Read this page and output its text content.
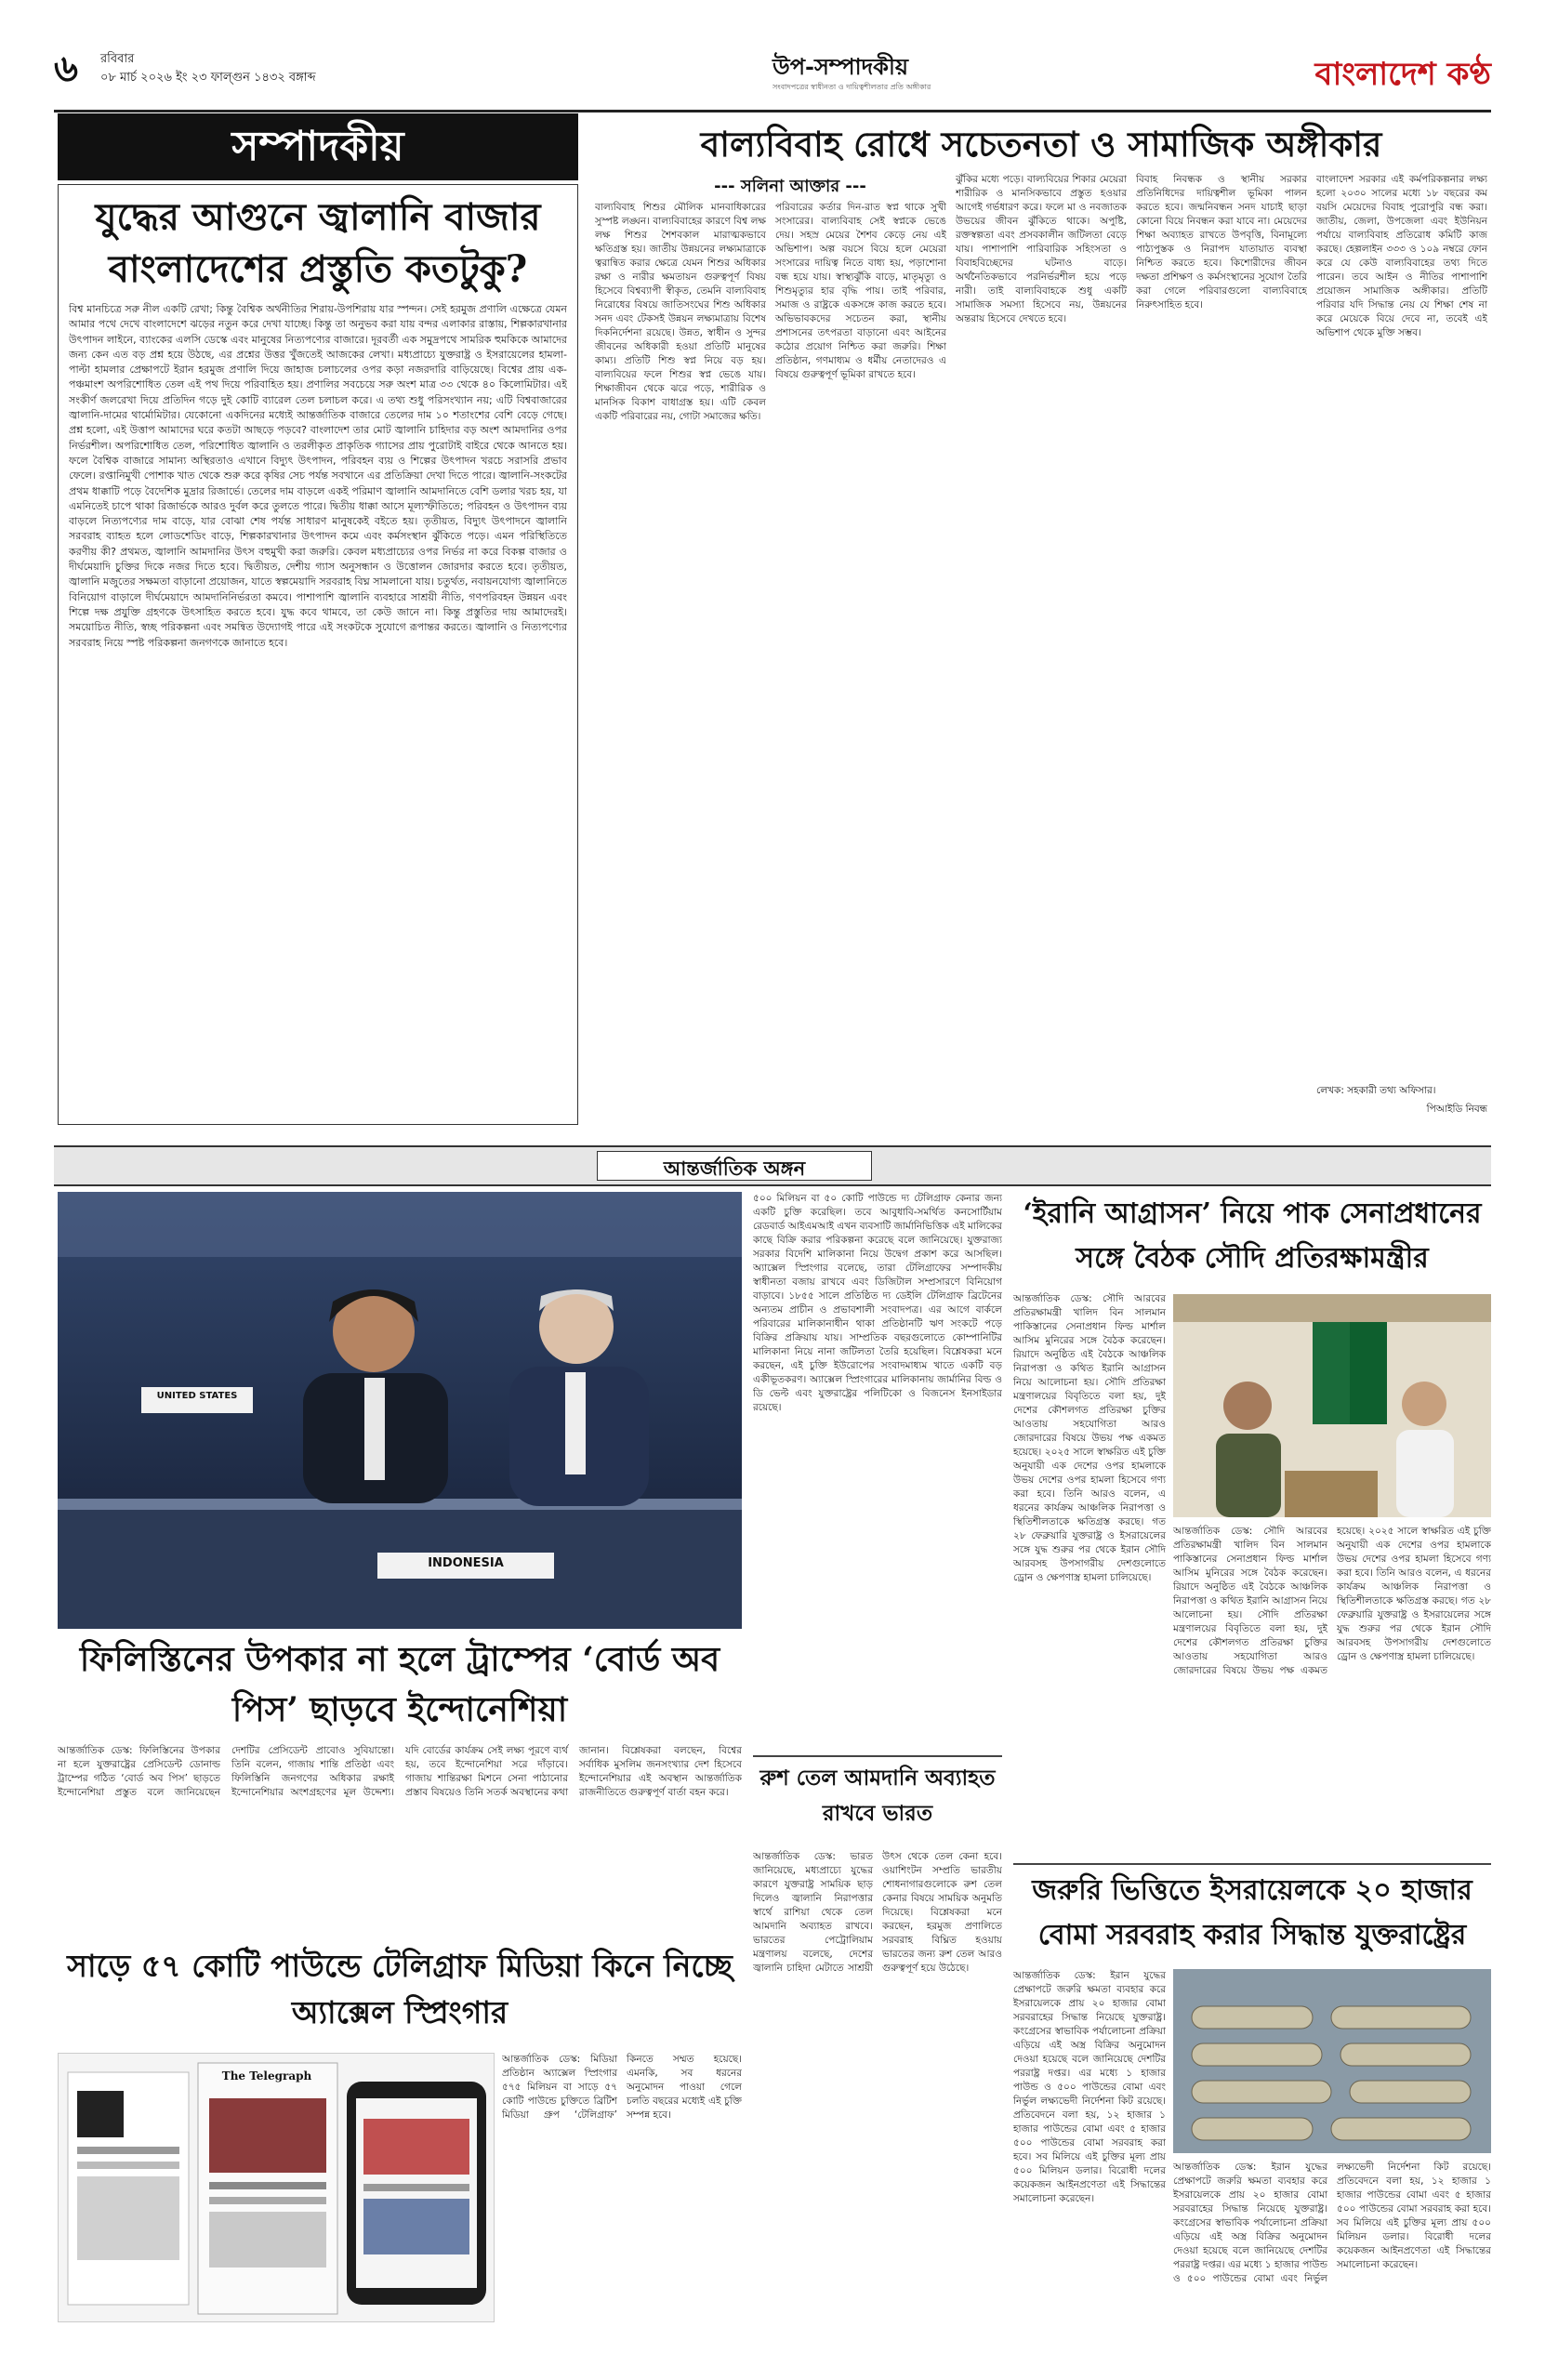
৬ রবিবার
০৮ মার্চ ২০২৬ ইং ২৩ ফাল্গুন ১৪৩২ বঙ্গাব্দ	উপ-সম্পাদকীয়
সংবাদপত্রের স্বাধীনতা ও দায়িত্বশীলতার প্রতি অঙ্গীকার	বাংলাদেশ কণ্ঠ
সম্পাদকীয়
যুদ্ধের আগুনে জ্বালানি বাজার বাংলাদেশের প্রস্তুতি কতটুকু?
বিশ্ব মানচিত্রে সরু নীল একটি রেখা; কিন্তু বৈশ্বিক অর্থনীতির শিরায়-উপশিরায় যার স্পন্দন। সেই হরমুজ প্রণালি এক্ষেত্রে যেমন আমার পথে দেখে বাংলাদেশে ঝড়ের নতুন করে দেখা যাচ্ছে। কিন্তু তা অনুভব করা যায় বন্দর এলাকার রাস্তায়, শিল্পকারখানার উৎপাদন লাইনে, ব্যাংকের এলসি ডেস্কে এবং মানুষের নিত্যপণ্যের বাজারে। দূরবর্তী এক সমুদ্রপথে সামরিক হুমকিকে আমাদের জন্য কেন এত বড় প্রশ্ন হয়ে উঠছে, এর প্রশ্নের উত্তর খুঁজতেই আজকের লেখা। মধ্যপ্রাচ্যে যুক্তরাষ্ট্র ও ইসরায়েলের হামলা-পাল্টা হামলার প্রেক্ষাপটে ইরান হরমুজ প্রণালি দিয়ে জাহাজ চলাচলের ওপর কড়া নজরদারি বাড়িয়েছে। বিশ্বের প্রায় এক-পঞ্চমাংশ অপরিশোধিত তেল এই পথ দিয়ে পরিবাহিত হয়। প্রণালির সবচেয়ে সরু অংশ মাত্র ৩৩ থেকে ৪০ কিলোমিটার। এই সংকীর্ণ জলরেখা দিয়ে প্রতিদিন গড়ে দুই কোটি ব্যারেল তেল চলাচল করে। এ তথ্য শুধু পরিসংখ্যান নয়; এটি বিশ্ববাজারের জ্বালানি-দামের থার্মোমিটার। যেকোনো একদিনের মধ্যেই আন্তর্জাতিক বাজারে তেলের দাম ১০ শতাংশের বেশি বেড়ে গেছে। প্রশ্ন হলো, এই উত্তাপ আমাদের ঘরে কতটা আছড়ে পড়বে? বাংলাদেশ তার মোট জ্বালানি চাহিদার বড় অংশ আমদানির ওপর নির্ভরশীল। অপরিশোধিত তেল, পরিশোধিত জ্বালানি ও তরলীকৃত প্রাকৃতিক গ্যাসের প্রায় পুরোটাই বাইরে থেকে আনতে হয়। ফলে বৈশ্বিক বাজারে সামান্য অস্থিরতাও এখানে বিদ্যুৎ উৎপাদন, পরিবহন ব্যয় ও শিল্পের উৎপাদন খরচে সরাসরি প্রভাব ফেলে। রপ্তানিমুখী পোশাক খাত থেকে শুরু করে কৃষির সেচ পর্যন্ত সবখানে এর প্রতিক্রিয়া দেখা দিতে পারে। জ্বালানি-সংকটের প্রথম ধাক্কাটি পড়ে বৈদেশিক মুদ্রার রিজার্ভে। তেলের দাম বাড়লে একই পরিমাণ জ্বালানি আমদানিতে বেশি ডলার খরচ হয়, যা এমনিতেই চাপে থাকা রিজার্ভকে আরও দুর্বল করে তুলতে পারে। দ্বিতীয় ধাক্কা আসে মূল্যস্ফীতিতে; পরিবহন ও উৎপাদন ব্যয় বাড়লে নিত্যপণ্যের দাম বাড়ে, যার বোঝা শেষ পর্যন্ত সাধারণ মানুষকেই বইতে হয়। তৃতীয়ত, বিদ্যুৎ উৎপাদনে জ্বালানি সরবরাহ ব্যাহত হলে লোডশেডিং বাড়ে, শিল্পকারখানার উৎপাদন কমে এবং কর্মসংস্থান ঝুঁকিতে পড়ে। এমন পরিস্থিতিতে করণীয় কী? প্রথমত, জ্বালানি আমদানির উৎস বহুমুখী করা জরুরি। কেবল মধ্যপ্রাচ্যের ওপর নির্ভর না করে বিকল্প বাজার ও দীর্ঘমেয়াদি চুক্তির দিকে নজর দিতে হবে। দ্বিতীয়ত, দেশীয় গ্যাস অনুসন্ধান ও উত্তোলন জোরদার করতে হবে। তৃতীয়ত, জ্বালানি মজুতের সক্ষমতা বাড়ানো প্রয়োজন, যাতে স্বল্পমেয়াদি সরবরাহ বিঘ্ন সামলানো যায়। চতুর্থত, নবায়নযোগ্য জ্বালানিতে বিনিয়োগ বাড়ালে দীর্ঘমেয়াদে আমদানিনির্ভরতা কমবে। পাশাপাশি জ্বালানি ব্যবহারে সাশ্রয়ী নীতি, গণপরিবহন উন্নয়ন এবং শিল্পে দক্ষ প্রযুক্তি গ্রহণকে উৎসাহিত করতে হবে। যুদ্ধ কবে থামবে, তা কেউ জানে না। কিন্তু প্রস্তুতির দায় আমাদেরই। সময়োচিত নীতি, স্বচ্ছ পরিকল্পনা এবং সমন্বিত উদ্যোগই পারে এই সংকটকে সুযোগে রূপান্তর করতে। জ্বালানি ও নিত্যপণ্যের সরবরাহ নিয়ে স্পষ্ট পরিকল্পনা জনগণকে জানাতে হবে।
বাল্যবিবাহ রোধে সচেতনতা ও সামাজিক অঙ্গীকার
--- সলিনা আক্তার ---
বাল্যবিবাহ শিশুর মৌলিক মানবাধিকারের সুস্পষ্ট লঙ্ঘন। বাল্যবিবাহের কারণে বিশ্ব লক্ষ লক্ষ শিশুর শৈশবকাল মারাত্মকভাবে ক্ষতিগ্রস্ত হয়। জাতীয় উন্নয়নের লক্ষ্যমাত্রাকে ত্বরান্বিত করার ক্ষেত্রে যেমন শিশুর অধিকার রক্ষা ও নারীর ক্ষমতায়ন গুরুত্বপূর্ণ বিষয় হিসেবে বিশ্বব্যাপী স্বীকৃত, তেমনি বাল্যবিবাহ নিরোধের বিষয়ে জাতিসংঘের শিশু অধিকার সনদ এবং টেকসই উন্নয়ন লক্ষ্যমাত্রায় বিশেষ দিকনির্দেশনা রয়েছে। উন্নত, স্বাধীন ও সুন্দর জীবনের অধিকারী হওয়া প্রতিটি মানুষের কাম্য। প্রতিটি শিশু স্বপ্ন নিয়ে বড় হয়। বাল্যবিয়ের ফলে শিশুর স্বপ্ন ভেঙে যায়। শিক্ষাজীবন থেকে ঝরে পড়ে, শারীরিক ও মানসিক বিকাশ বাধাগ্রস্ত হয়। এটি কেবল একটি পরিবারের নয়, গোটা সমাজের ক্ষতি।
পরিবারের কর্তার দিন-রাত স্বপ্ন থাকে সুখী সংসারের। বাল্যবিবাহ সেই স্বপ্নকে ভেঙে দেয়। সহস্র মেয়ের শৈশব কেড়ে নেয় এই অভিশাপ। অল্প বয়সে বিয়ে হলে মেয়েরা সংসারের দায়িত্ব নিতে বাধ্য হয়, পড়াশোনা বন্ধ হয়ে যায়। স্বাস্থ্যঝুঁকি বাড়ে, মাতৃমৃত্যু ও শিশুমৃত্যুর হার বৃদ্ধি পায়। তাই পরিবার, সমাজ ও রাষ্ট্রকে একসঙ্গে কাজ করতে হবে। অভিভাবকদের সচেতন করা, স্থানীয় প্রশাসনের তৎপরতা বাড়ানো এবং আইনের কঠোর প্রয়োগ নিশ্চিত করা জরুরি। শিক্ষা প্রতিষ্ঠান, গণমাধ্যম ও ধর্মীয় নেতাদেরও এ বিষয়ে গুরুত্বপূর্ণ ভূমিকা রাখতে হবে।
ঝুঁকির মধ্যে পড়ে। বাল্যবিয়ের শিকার মেয়েরা শারীরিক ও মানসিকভাবে প্রস্তুত হওয়ার আগেই গর্ভধারণ করে। ফলে মা ও নবজাতক উভয়ের জীবন ঝুঁকিতে থাকে। অপুষ্টি, রক্তস্বল্পতা এবং প্রসবকালীন জটিলতা বেড়ে যায়। পাশাপাশি পারিবারিক সহিংসতা ও বিবাহবিচ্ছেদের ঘটনাও বাড়ে। অর্থনৈতিকভাবে পরনির্ভরশীল হয়ে পড়ে নারী। তাই বাল্যবিবাহকে শুধু একটি সামাজিক সমস্যা হিসেবে নয়, উন্নয়নের অন্তরায় হিসেবে দেখতে হবে।
বিবাহ নিবন্ধক ও স্থানীয় সরকার প্রতিনিধিদের দায়িত্বশীল ভূমিকা পালন করতে হবে। জন্মনিবন্ধন সনদ যাচাই ছাড়া কোনো বিয়ে নিবন্ধন করা যাবে না। মেয়েদের শিক্ষা অব্যাহত রাখতে উপবৃত্তি, বিনামূল্যে পাঠ্যপুস্তক ও নিরাপদ যাতায়াত ব্যবস্থা নিশ্চিত করতে হবে। কিশোরীদের জীবন দক্ষতা প্রশিক্ষণ ও কর্মসংস্থানের সুযোগ তৈরি করা গেলে পরিবারগুলো বাল্যবিবাহে নিরুৎসাহিত হবে।
বাংলাদেশ সরকার এই কর্মপরিকল্পনার লক্ষ্য হলো ২০৩০ সালের মধ্যে ১৮ বছরের কম বয়সি মেয়েদের বিবাহ পুরোপুরি বন্ধ করা। জাতীয়, জেলা, উপজেলা এবং ইউনিয়ন পর্যায়ে বাল্যবিবাহ প্রতিরোধ কমিটি কাজ করছে। হেল্পলাইন ৩৩৩ ও ১০৯ নম্বরে ফোন করে যে কেউ বাল্যবিবাহের তথ্য দিতে পারেন। তবে আইন ও নীতির পাশাপাশি প্রয়োজন সামাজিক অঙ্গীকার। প্রতিটি পরিবার যদি সিদ্ধান্ত নেয় যে শিক্ষা শেষ না করে মেয়েকে বিয়ে দেবে না, তবেই এই অভিশাপ থেকে মুক্তি সম্ভব।
লেখক: সহকারী তথ্য অফিসার।
পিআইডি নিবন্ধ
আন্তর্জাতিক অঙ্গন
UNITED STATES
INDONESIA
ফিলিস্তিনের উপকার না হলে ট্রাম্পের ‘বোর্ড অব পিস’ ছাড়বে ইন্দোনেশিয়া
আন্তর্জাতিক ডেস্ক: ফিলিস্তিনের উপকার না হলে যুক্তরাষ্ট্রের প্রেসিডেন্ট ডোনাল্ড ট্রাম্পের গঠিত ‘বোর্ড অব পিস’ ছাড়তে ইন্দোনেশিয়া প্রস্তুত বলে জানিয়েছেন দেশটির প্রেসিডেন্ট প্রাবোও সুবিয়ান্তো। তিনি বলেন, গাজায় শান্তি প্রতিষ্ঠা এবং ফিলিস্তিনি জনগণের অধিকার রক্ষাই ইন্দোনেশিয়ার অংশগ্রহণের মূল উদ্দেশ্য। যদি বোর্ডের কার্যক্রম সেই লক্ষ্য পূরণে ব্যর্থ হয়, তবে ইন্দোনেশিয়া সরে দাঁড়াবে। গাজায় শান্তিরক্ষা মিশনে সেনা পাঠানোর প্রস্তাব বিষয়েও তিনি সতর্ক অবস্থানের কথা জানান। বিশ্লেষকরা বলছেন, বিশ্বের সর্বাধিক মুসলিম জনসংখ্যার দেশ হিসেবে ইন্দোনেশিয়ার এই অবস্থান আন্তর্জাতিক রাজনীতিতে গুরুত্বপূর্ণ বার্তা বহন করে।
সাড়ে ৫৭ কোটি পাউন্ডে টেলিগ্রাফ মিডিয়া কিনে নিচ্ছে অ্যাক্সেল স্প্রিংগার
The Telegraph
আন্তর্জাতিক ডেস্ক: মিডিয়া প্রতিষ্ঠান অ্যাক্সেল স্প্রিংগার ৫৭৫ মিলিয়ন বা সাড়ে ৫৭ কোটি পাউন্ডে চুক্তিতে ব্রিটিশ মিডিয়া গ্রুপ ‘টেলিগ্রাফ’ কিনতে সম্মত হয়েছে। এমনকি, সব ধরনের অনুমোদন পাওয়া গেলে চলতি বছরের মধ্যেই এই চুক্তি সম্পন্ন হবে।
৫০০ মিলিয়ন বা ৫০ কোটি পাউন্ডে দ্য টেলিগ্রাফ কেনার জন্য একটি চুক্তি করেছিল। তবে আবুধাবি-সমর্থিত কনসোর্টিয়াম রেডবার্ড আইএমআই এখন ব্যবসাটি জার্মানিভিত্তিক এই মালিকের কাছে বিক্রি করার পরিকল্পনা করেছে বলে জানিয়েছে। যুক্তরাজ্য সরকার বিদেশি মালিকানা নিয়ে উদ্বেগ প্রকাশ করে আসছিল। অ্যাক্সেল স্প্রিংগার বলেছে, তারা টেলিগ্রাফের সম্পাদকীয় স্বাধীনতা বজায় রাখবে এবং ডিজিটাল সম্প্রসারণে বিনিয়োগ বাড়াবে। ১৮৫৫ সালে প্রতিষ্ঠিত দ্য ডেইলি টেলিগ্রাফ ব্রিটেনের অন্যতম প্রাচীন ও প্রভাবশালী সংবাদপত্র। এর আগে বার্কলে পরিবারের মালিকানাধীন থাকা প্রতিষ্ঠানটি ঋণ সংকটে পড়ে বিক্রির প্রক্রিয়ায় যায়। সাম্প্রতিক বছরগুলোতে কোম্পানিটির মালিকানা নিয়ে নানা জটিলতা তৈরি হয়েছিল। বিশ্লেষকরা মনে করছেন, এই চুক্তি ইউরোপের সংবাদমাধ্যম খাতে একটি বড় একীভূতকরণ। অ্যাক্সেল স্প্রিংগারের মালিকানায় জার্মানির বিল্ড ও ডি ভেল্ট এবং যুক্তরাষ্ট্রের পলিটিকো ও বিজনেস ইনসাইডার রয়েছে।
রুশ তেল আমদানি অব্যাহত রাখবে ভারত
আন্তর্জাতিক ডেস্ক: ভারত জানিয়েছে, মধ্যপ্রাচ্যে যুদ্ধের কারণে যুক্তরাষ্ট্র সাময়িক ছাড় দিলেও জ্বালানি নিরাপত্তার স্বার্থে রাশিয়া থেকে তেল আমদানি অব্যাহত রাখবে। ভারতের পেট্রোলিয়াম মন্ত্রণালয় বলেছে, দেশের জ্বালানি চাহিদা মেটাতে সাশ্রয়ী উৎস থেকে তেল কেনা হবে। ওয়াশিংটন সম্প্রতি ভারতীয় শোধনাগারগুলোকে রুশ তেল কেনার বিষয়ে সাময়িক অনুমতি দিয়েছে। বিশ্লেষকরা মনে করছেন, হরমুজ প্রণালিতে সরবরাহ বিঘ্নিত হওয়ায় ভারতের জন্য রুশ তেল আরও গুরুত্বপূর্ণ হয়ে উঠেছে।
‘ইরানি আগ্রাসন’ নিয়ে পাক সেনাপ্রধানের সঙ্গে বৈঠক সৌদি প্রতিরক্ষামন্ত্রীর
আন্তর্জাতিক ডেস্ক: সৌদি আরবের প্রতিরক্ষামন্ত্রী খালিদ বিন সালমান পাকিস্তানের সেনাপ্রধান ফিল্ড মার্শাল আসিম মুনিরের সঙ্গে বৈঠক করেছেন। রিয়াদে অনুষ্ঠিত এই বৈঠকে আঞ্চলিক নিরাপত্তা ও কথিত ইরানি আগ্রাসন নিয়ে আলোচনা হয়। সৌদি প্রতিরক্ষা মন্ত্রণালয়ের বিবৃতিতে বলা হয়, দুই দেশের কৌশলগত প্রতিরক্ষা চুক্তির আওতায় সহযোগিতা আরও জোরদারের বিষয়ে উভয় পক্ষ একমত হয়েছে। ২০২৫ সালে স্বাক্ষরিত এই চুক্তি অনুযায়ী এক দেশের ওপর হামলাকে উভয় দেশের ওপর হামলা হিসেবে গণ্য করা হবে। তিনি আরও বলেন, এ ধরনের কার্যক্রম আঞ্চলিক নিরাপত্তা ও স্থিতিশীলতাকে ক্ষতিগ্রস্ত করছে। গত ২৮ ফেব্রুয়ারি যুক্তরাষ্ট্র ও ইসরায়েলের সঙ্গে যুদ্ধ শুরুর পর থেকে ইরান সৌদি আরবসহ উপসাগরীয় দেশগুলোতে ড্রোন ও ক্ষেপণাস্ত্র হামলা চালিয়েছে।
জরুরি ভিত্তিতে ইসরায়েলকে ২০ হাজার বোমা সরবরাহ করার সিদ্ধান্ত যুক্তরাষ্ট্রের
আন্তর্জাতিক ডেস্ক: ইরান যুদ্ধের প্রেক্ষাপটে জরুরি ক্ষমতা ব্যবহার করে ইসরায়েলকে প্রায় ২০ হাজার বোমা সরবরাহের সিদ্ধান্ত নিয়েছে যুক্তরাষ্ট্র। কংগ্রেসের স্বাভাবিক পর্যালোচনা প্রক্রিয়া এড়িয়ে এই অস্ত্র বিক্রির অনুমোদন দেওয়া হয়েছে বলে জানিয়েছে দেশটির পররাষ্ট্র দপ্তর। এর মধ্যে ১ হাজার পাউন্ড ও ৫০০ পাউন্ডের বোমা এবং নির্ভুল লক্ষ্যভেদী নির্দেশনা কিট রয়েছে। প্রতিবেদনে বলা হয়, ১২ হাজার ১ হাজার পাউন্ডের বোমা এবং ৫ হাজার ৫০০ পাউন্ডের বোমা সরবরাহ করা হবে। সব মিলিয়ে এই চুক্তির মূল্য প্রায় ৫০০ মিলিয়ন ডলার। বিরোধী দলের কয়েকজন আইনপ্রণেতা এই সিদ্ধান্তের সমালোচনা করেছেন।
আন্তর্জাতিক ডেস্ক: সৌদি আরবের প্রতিরক্ষামন্ত্রী খালিদ বিন সালমান পাকিস্তানের সেনাপ্রধান ফিল্ড মার্শাল আসিম মুনিরের সঙ্গে বৈঠক করেছেন। রিয়াদে অনুষ্ঠিত এই বৈঠকে আঞ্চলিক নিরাপত্তা ও কথিত ইরানি আগ্রাসন নিয়ে আলোচনা হয়। সৌদি প্রতিরক্ষা মন্ত্রণালয়ের বিবৃতিতে বলা হয়, দুই দেশের কৌশলগত প্রতিরক্ষা চুক্তির আওতায় সহযোগিতা আরও জোরদারের বিষয়ে উভয় পক্ষ একমত হয়েছে। ২০২৫ সালে স্বাক্ষরিত এই চুক্তি অনুযায়ী এক দেশের ওপর হামলাকে উভয় দেশের ওপর হামলা হিসেবে গণ্য করা হবে। তিনি আরও বলেন, এ ধরনের কার্যক্রম আঞ্চলিক নিরাপত্তা ও স্থিতিশীলতাকে ক্ষতিগ্রস্ত করছে। গত ২৮ ফেব্রুয়ারি যুক্তরাষ্ট্র ও ইসরায়েলের সঙ্গে যুদ্ধ শুরুর পর থেকে ইরান সৌদি আরবসহ উপসাগরীয় দেশগুলোতে ড্রোন ও ক্ষেপণাস্ত্র হামলা চালিয়েছে।
আন্তর্জাতিক ডেস্ক: ইরান যুদ্ধের প্রেক্ষাপটে জরুরি ক্ষমতা ব্যবহার করে ইসরায়েলকে প্রায় ২০ হাজার বোমা সরবরাহের সিদ্ধান্ত নিয়েছে যুক্তরাষ্ট্র। কংগ্রেসের স্বাভাবিক পর্যালোচনা প্রক্রিয়া এড়িয়ে এই অস্ত্র বিক্রির অনুমোদন দেওয়া হয়েছে বলে জানিয়েছে দেশটির পররাষ্ট্র দপ্তর। এর মধ্যে ১ হাজার পাউন্ড ও ৫০০ পাউন্ডের বোমা এবং নির্ভুল লক্ষ্যভেদী নির্দেশনা কিট রয়েছে। প্রতিবেদনে বলা হয়, ১২ হাজার ১ হাজার পাউন্ডের বোমা এবং ৫ হাজার ৫০০ পাউন্ডের বোমা সরবরাহ করা হবে। সব মিলিয়ে এই চুক্তির মূল্য প্রায় ৫০০ মিলিয়ন ডলার। বিরোধী দলের কয়েকজন আইনপ্রণেতা এই সিদ্ধান্তের সমালোচনা করেছেন।
